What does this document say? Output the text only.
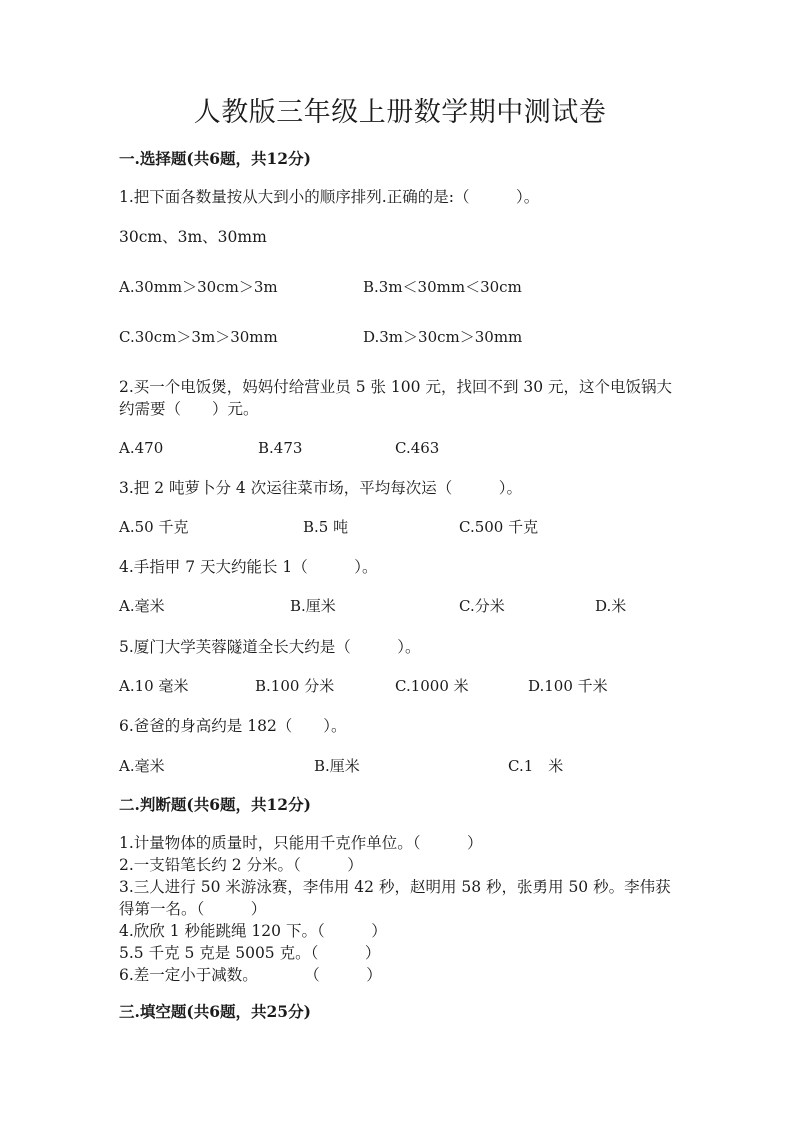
人教版三年级上册数学期中测试卷
一.选择题(共6题，共12分)
1.把下面各数量按从大到小的顺序排列.正确的是:（　　　）。
30cm、3m、30mm
A.30mm＞30cm＞3m	B.3m＜30mm＜30cm
C.30cm＞3m＞30mm	D.3m＞30cm＞30mm
2.买一个电饭煲，妈妈付给营业员 5 张 100 元，找回不到 30 元，这个电饭锅大
约需要（　　）元。
A.470	B.473	C.463
3.把 2 吨萝卜分 4 次运往菜市场，平均每次运（　　　）。
A.50 千克	B.5 吨	C.500 千克
4.手指甲 7 天大约能长 1（　　　）。
A.毫米	B.厘米	C.分米	D.米
5.厦门大学芙蓉隧道全长大约是（　　　）。
A.10 毫米	B.100 分米	C.1000 米	D.100 千米
6.爸爸的身高约是 182（　　）。
A.毫米	B.厘米	C.1　米
二.判断题(共6题，共12分)
1.计量物体的质量时，只能用千克作单位。（　　　）
2.一支铅笔长约 2 分米。（　　　）
3.三人进行 50 米游泳赛，李伟用 42 秒，赵明用 58 秒，张勇用 50 秒。李伟获
得第一名。（　　　）
4.欣欣 1 秒能跳绳 120 下。（　　　）
5.5 千克 5 克是 5005 克。（　　　）
6.差一定小于减数。　　　　（　　　）
三.填空题(共6题，共25分)
